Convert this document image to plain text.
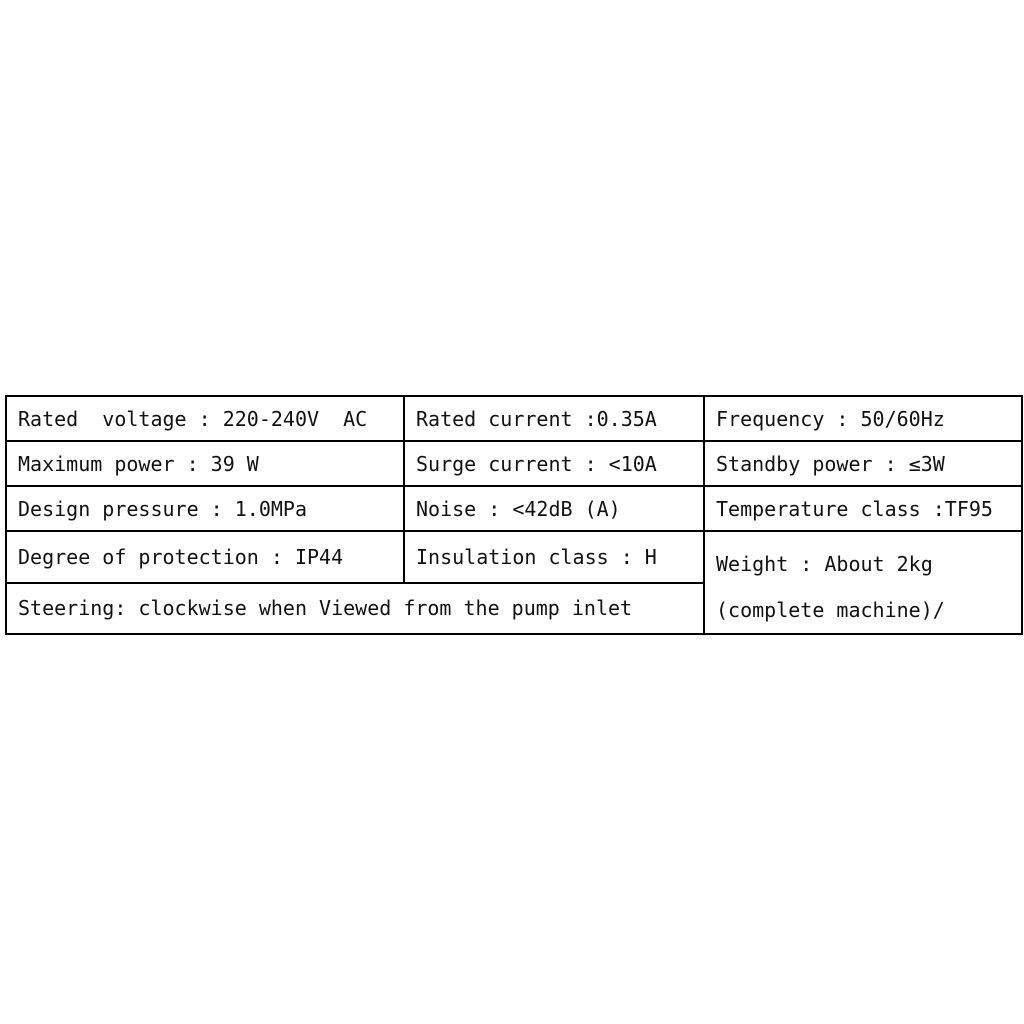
Rated  voltage : 220-240V  AC	Rated current :0.35A	Frequency : 50/60Hz
Maximum power : 39 W	Surge current : <10A	Standby power : ≤3W
Design pressure : 1.0MPa	Noise : <42dB (A)	Temperature class :TF95
Degree of protection : IP44	Insulation class : H	Weight : About 2kg
(complete machine)/
Steering: clockwise when Viewed from the pump inlet		
